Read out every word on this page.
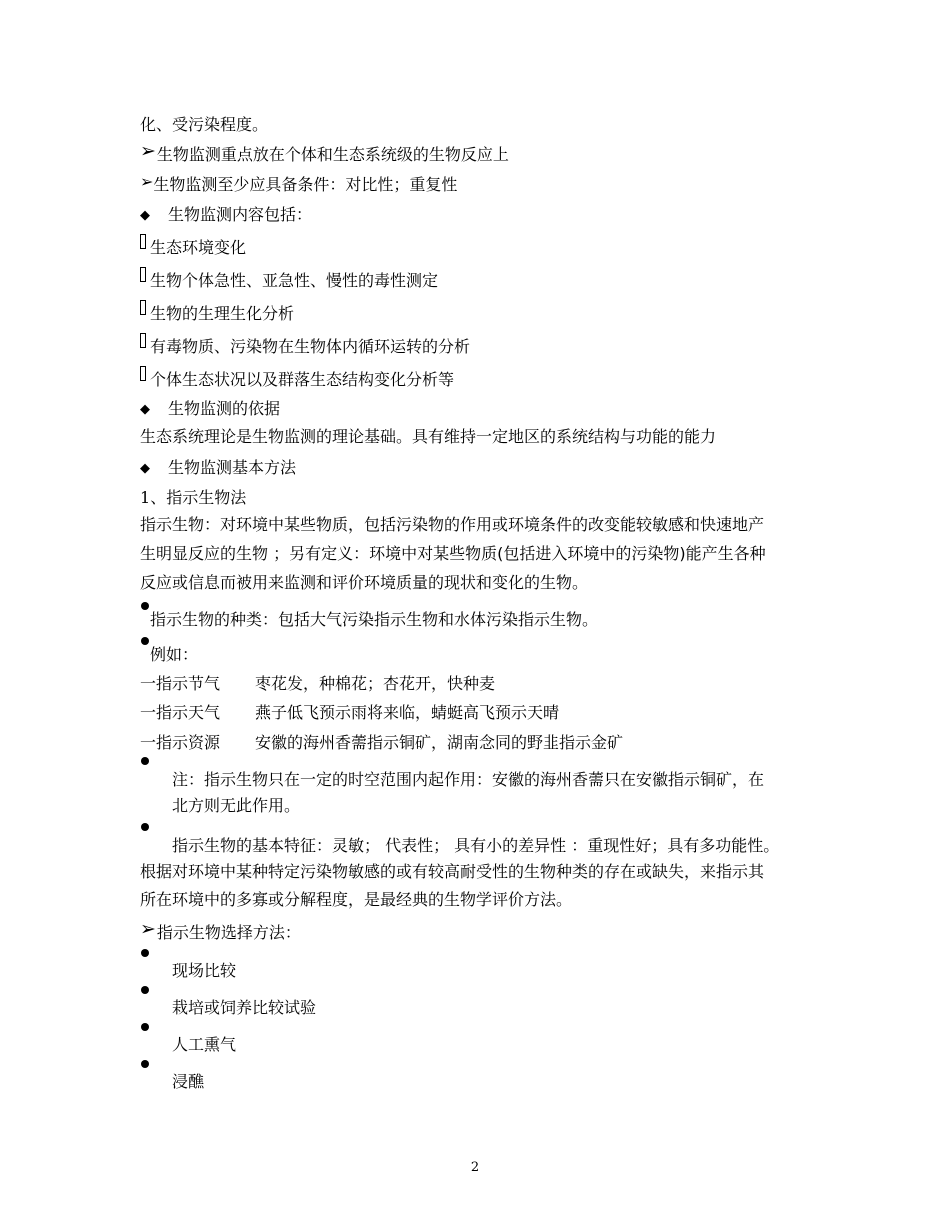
化、受污染程度。
➢生物监测重点放在个体和生态系统级的生物反应上
➢生物监测至少应具备条件：对比性；重复性
◆ 生物监测内容包括：
生态环境变化
生物个体急性、亚急性、慢性的毒性测定
生物的生理生化分析
有毒物质、污染物在生物体内循环运转的分析
个体生态状况以及群落生态结构变化分析等
◆ 生物监测的依据
生态系统理论是生物监测的理论基础。具有维持一定地区的系统结构与功能的能力
◆ 生物监测基本方法
1、指示生物法
指示生物：对环境中某些物质，包括污染物的作用或环境条件的改变能较敏感和快速地产
生明显反应的生物 ；另有定义：环境中对某些物质(包括进入环境中的污染物)能产生各种
反应或信息而被用来监测和评价环境质量的现状和变化的生物。
指示生物的种类：包括大气污染指示生物和水体污染指示生物。
例如：
一指示节气 枣花发，种棉花；杏花开，快种麦
一指示天气 燕子低飞预示雨将来临，蜻蜓高飞预示天晴
一指示资源 安徽的海州香薷指示铜矿，湖南念同的野韭指示金矿
注：指示生物只在一定的时空范围内起作用：安徽的海州香薷只在安徽指示铜矿，在
北方则无此作用。
指示生物的基本特征：灵敏； 代表性； 具有小的差异性 ：重现性好；具有多功能性。
根据对环境中某种特定污染物敏感的或有较高耐受性的生物种类的存在或缺失，来指示其
所在环境中的多寡或分解程度，是最经典的生物学评价方法。
➢指示生物选择方法：
现场比较
栽培或饲养比较试验
人工熏气
浸醮
2
